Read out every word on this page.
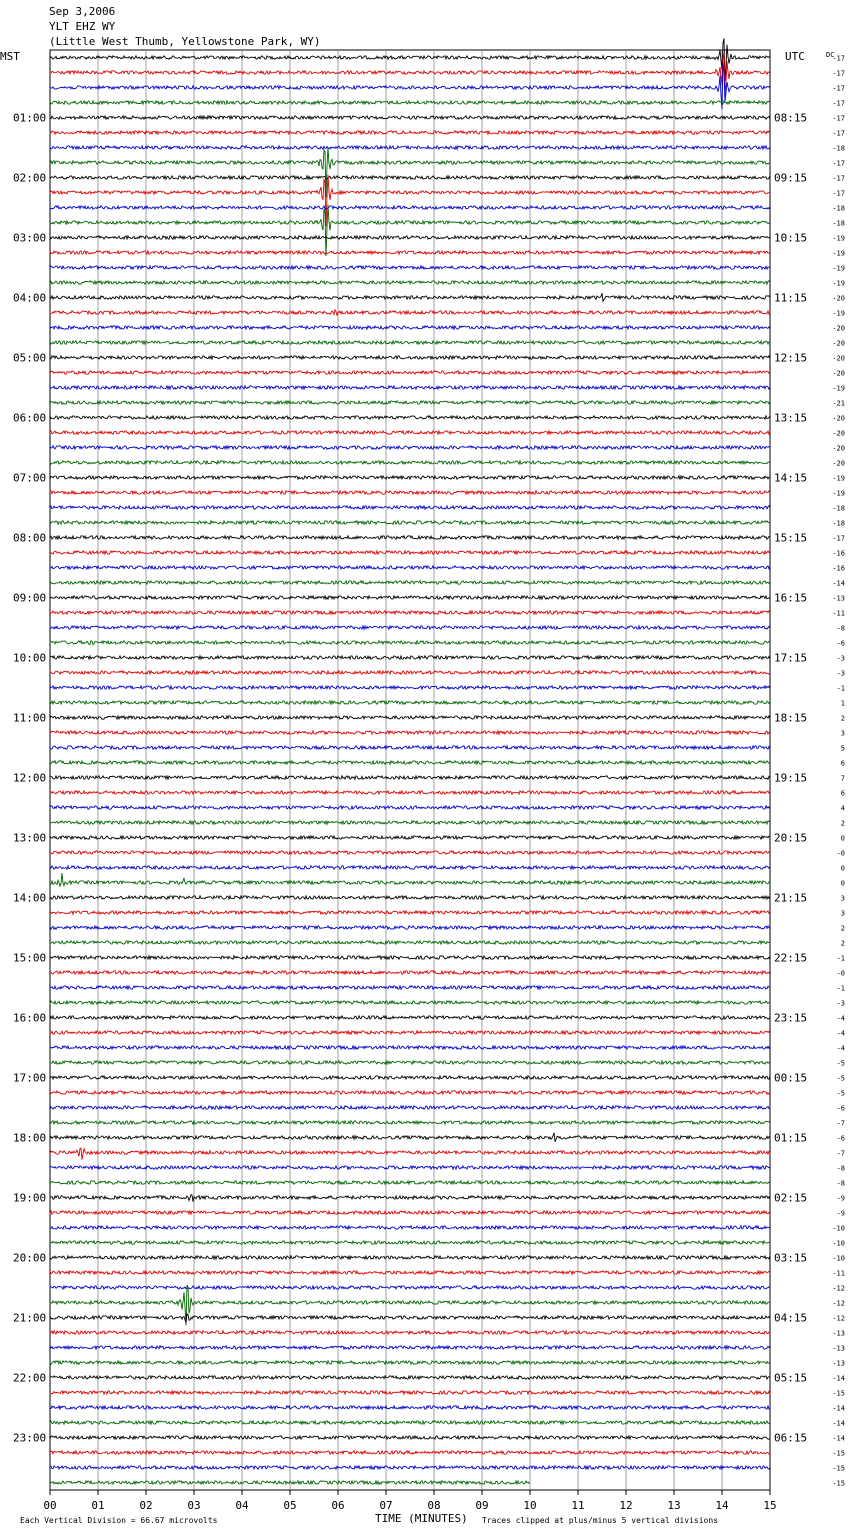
Sep 3,2006
YLT EHZ WY
(Little West Thumb, Yellowstone Park, WY)
01:00
02:00
03:00
04:00
05:00
06:00
07:00
08:00
09:00
10:00
11:00
12:00
13:00
14:00
15:00
16:00
17:00
18:00
19:00
20:00
21:00
22:00
23:00
08:15
09:15
10:15
11:15
12:15
13:15
14:15
15:15
16:15
17:15
18:15
19:15
20:15
21:15
22:15
23:15
00:15
01:15
02:15
03:15
04:15
05:15
06:15
-17
-17
-17
-17
-17
-17
-18
-17
-17
-17
-18
-18
-19
-19
-19
-19
-20
-19
-20
-20
-20
-20
-19
-21
-20
-20
-20
-20
-19
-19
-18
-18
-17
-16
-16
-14
-13
-11
-8
-6
-3
-3
-1
1
2
3
5
6
7
6
4
2
0
-0
0
0
3
3
2
2
-1
-0
-1
-3
-4
-4
-4
-5
-5
-5
-6
-7
-6
-7
-8
-8
-9
-9
-10
-10
-10
-11
-12
-12
-12
-13
-13
-13
-14
-15
-14
-14
-14
-15
-15
-15
00	01	02	03	04	05	06	07	08	09	10	11	12	13	14	15
MST	UTC	DC
TIME (MINUTES)
Each Vertical Division = 66.67 microvolts	Traces clipped at plus/minus 5 vertical divisions
